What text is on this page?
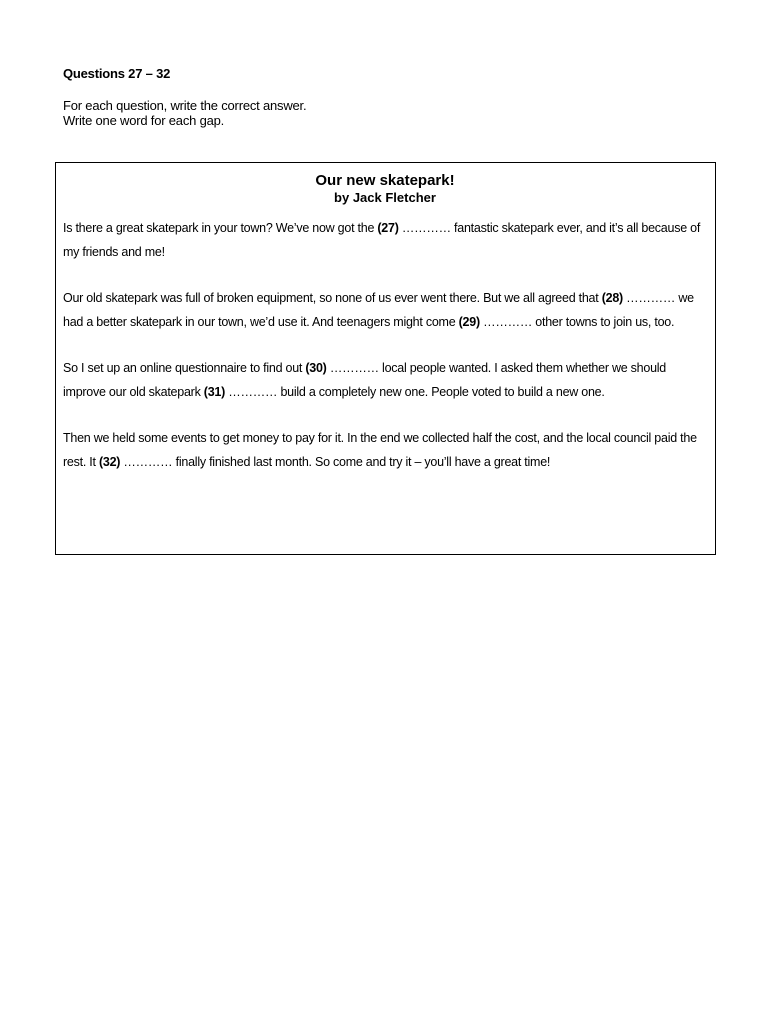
Questions 27 – 32
For each question, write the correct answer.
Write one word for each gap.
Our new skatepark!
by Jack Fletcher

Is there a great skatepark in your town? We’ve now got the (27) ………… fantastic skatepark ever, and it’s all because of my friends and me!

Our old skatepark was full of broken equipment, so none of us ever went there. But we all agreed that (28) ………… we had a better skatepark in our town, we’d use it. And teenagers might come (29) ………… other towns to join us, too.

So I set up an online questionnaire to find out (30) ………… local people wanted. I asked them whether we should improve our old skatepark (31) ………… build a completely new one. People voted to build a new one.

Then we held some events to get money to pay for it. In the end we collected half the cost, and the local council paid the rest. It (32) ………… finally finished last month. So come and try it – you’ll have a great time!
